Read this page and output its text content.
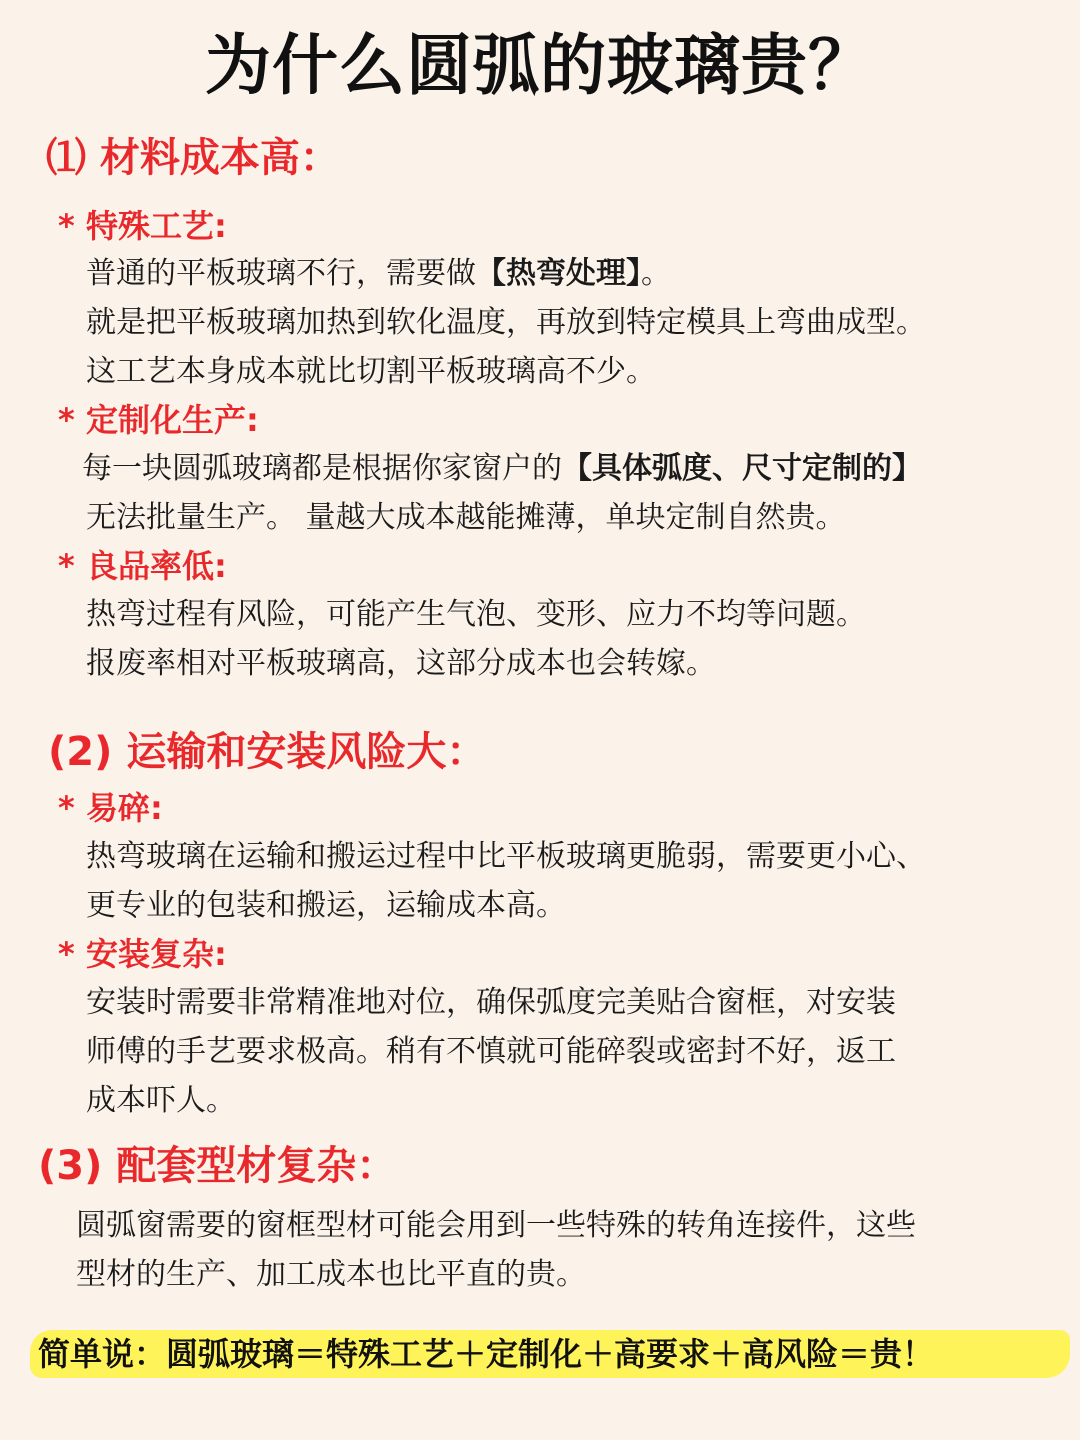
为什么圆弧的玻璃贵？
⑴ 材料成本高：
* 特殊工艺:
普通的平板玻璃不行，需要做【热弯处理】。
就是把平板玻璃加热到软化温度，再放到特定模具上弯曲成型。
这工艺本身成本就比切割平板玻璃高不少。
* 定制化生产:
每一块圆弧玻璃都是根据你家窗户的【具体弧度、尺寸定制的】
无法批量生产。 量越大成本越能摊薄，单块定制自然贵。
* 良品率低:
热弯过程有风险，可能产生气泡、变形、应力不均等问题。
报废率相对平板玻璃高，这部分成本也会转嫁。
(2) 运输和安装风险大：
* 易碎:
热弯玻璃在运输和搬运过程中比平板玻璃更脆弱，需要更小心、
更专业的包装和搬运，运输成本高。
* 安装复杂:
安装时需要非常精准地对位，确保弧度完美贴合窗框，对安装
师傅的手艺要求极高。稍有不慎就可能碎裂或密封不好，返工
成本吓人。
(3) 配套型材复杂：
圆弧窗需要的窗框型材可能会用到一些特殊的转角连接件，这些
型材的生产、加工成本也比平直的贵。
简单说：圆弧玻璃＝特殊工艺＋定制化＋高要求＋高风险＝贵！
